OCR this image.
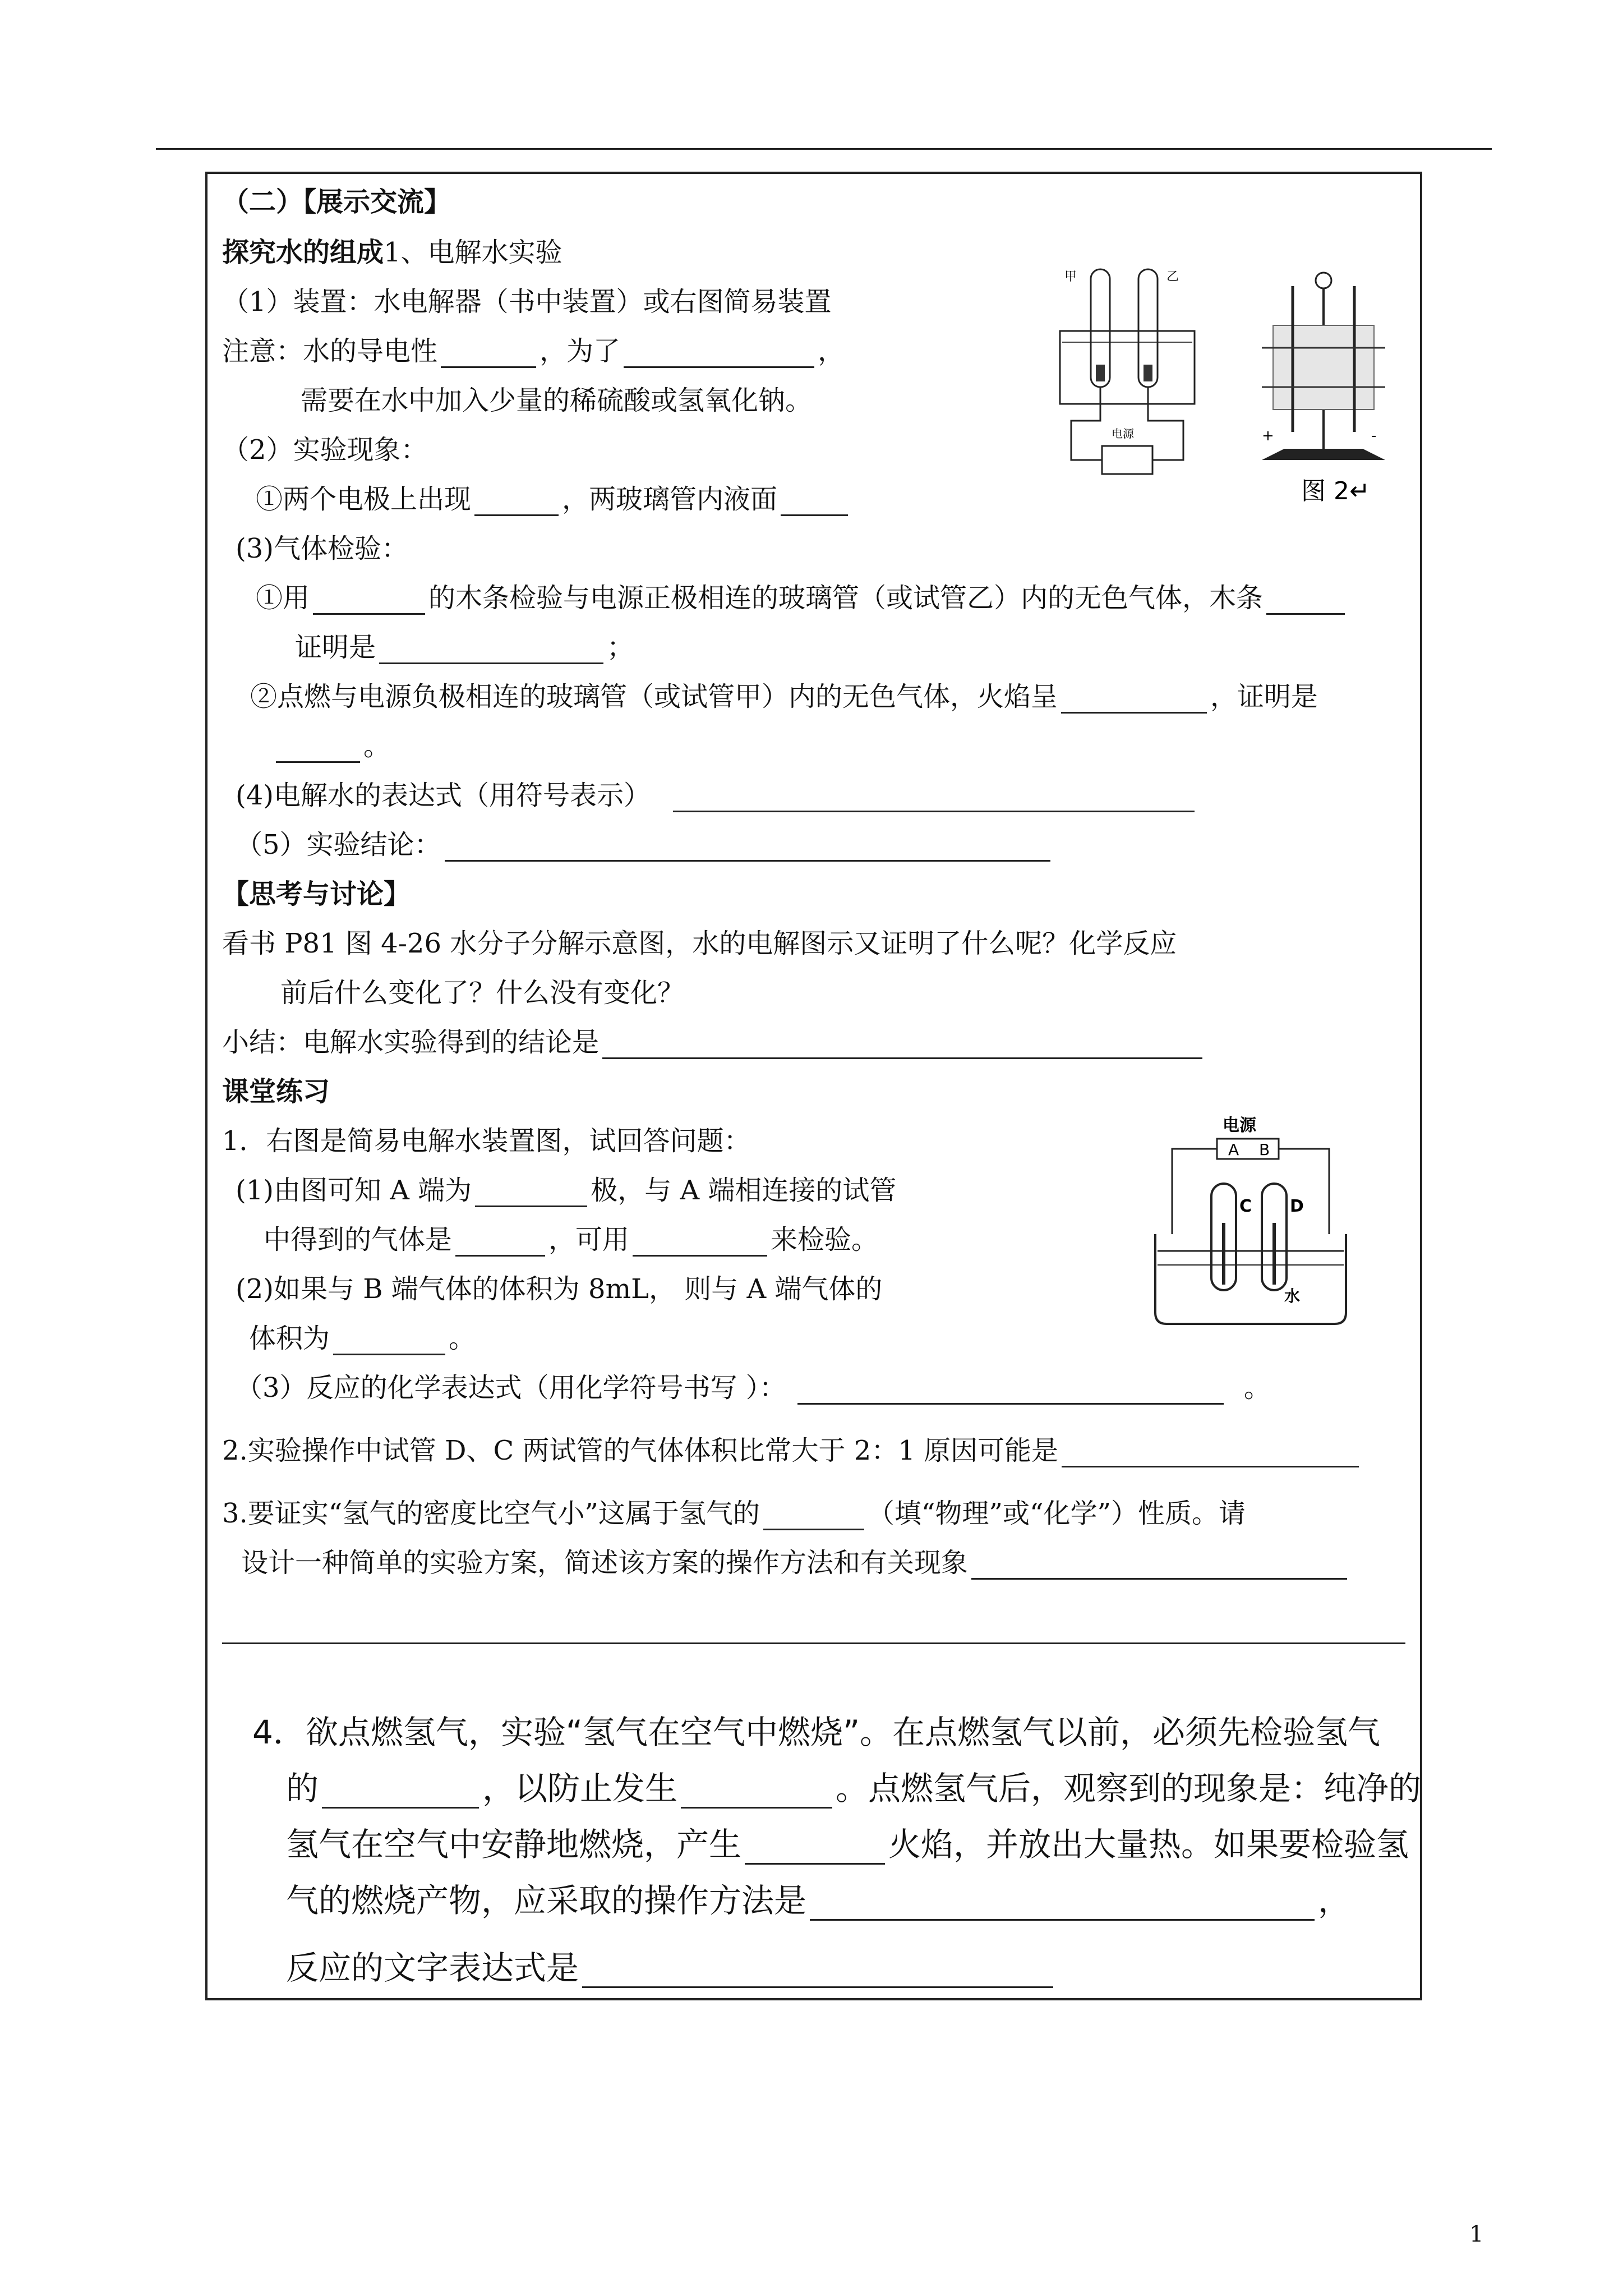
（二）【展示交流】
探究水的组成1、电解水实验
（1）装置：水电解器（书中装置）或右图简易装置
注意：水的导电性	，为了	，
需要在水中加入少量的稀硫酸或氢氧化钠。
（2）实验现象：
①两个电极上出现	，两玻璃管内液面
(3)气体检验：
①用	的木条检验与电源正极相连的玻璃管（或试管乙）内的无色气体，木条
证明是	；
②点燃与电源负极相连的玻璃管（或试管甲）内的无色气体，火焰呈	，证明是
。
(4)电解水的表达式（用符号表示）
（5）实验结论：
甲	乙
电源	+	-
图 2↵
【思考与讨论】
看书 P81 图 4-26 水分子分解示意图，水的电解图示又证明了什么呢？化学反应
前后什么变化了？什么没有变化？
小结：电解水实验得到的结论是
课堂练习
1．右图是简易电解水装置图，试回答问题：
(1)由图可知 A 端为	极，与 A 端相连接的试管
中得到的气体是	，可用	来检验。
(2)如果与 B 端气体的体积为 8mL， 则与 A 端气体的
体积为	。
（3）反应的化学表达式（用化学符号书写 ）：	。
2.实验操作中试管 D、C 两试管的气体体积比常大于 2：1 原因可能是
3.要证实“氢气的密度比空气小”这属于氢气的	（填“物理”或“化学”）性质。请
设计一种简单的实验方案，简述该方案的操作方法和有关现象
电源
A B
C D
水
4．欲点燃氢气，实验“氢气在空气中燃烧”。在点燃氢气以前，必须先检验氢气
的	，以防止发生	。点燃氢气后，观察到的现象是：纯净的
氢气在空气中安静地燃烧，产生	火焰，并放出大量热。如果要检验氢
气的燃烧产物，应采取的操作方法是	，
反应的文字表达式是
1
